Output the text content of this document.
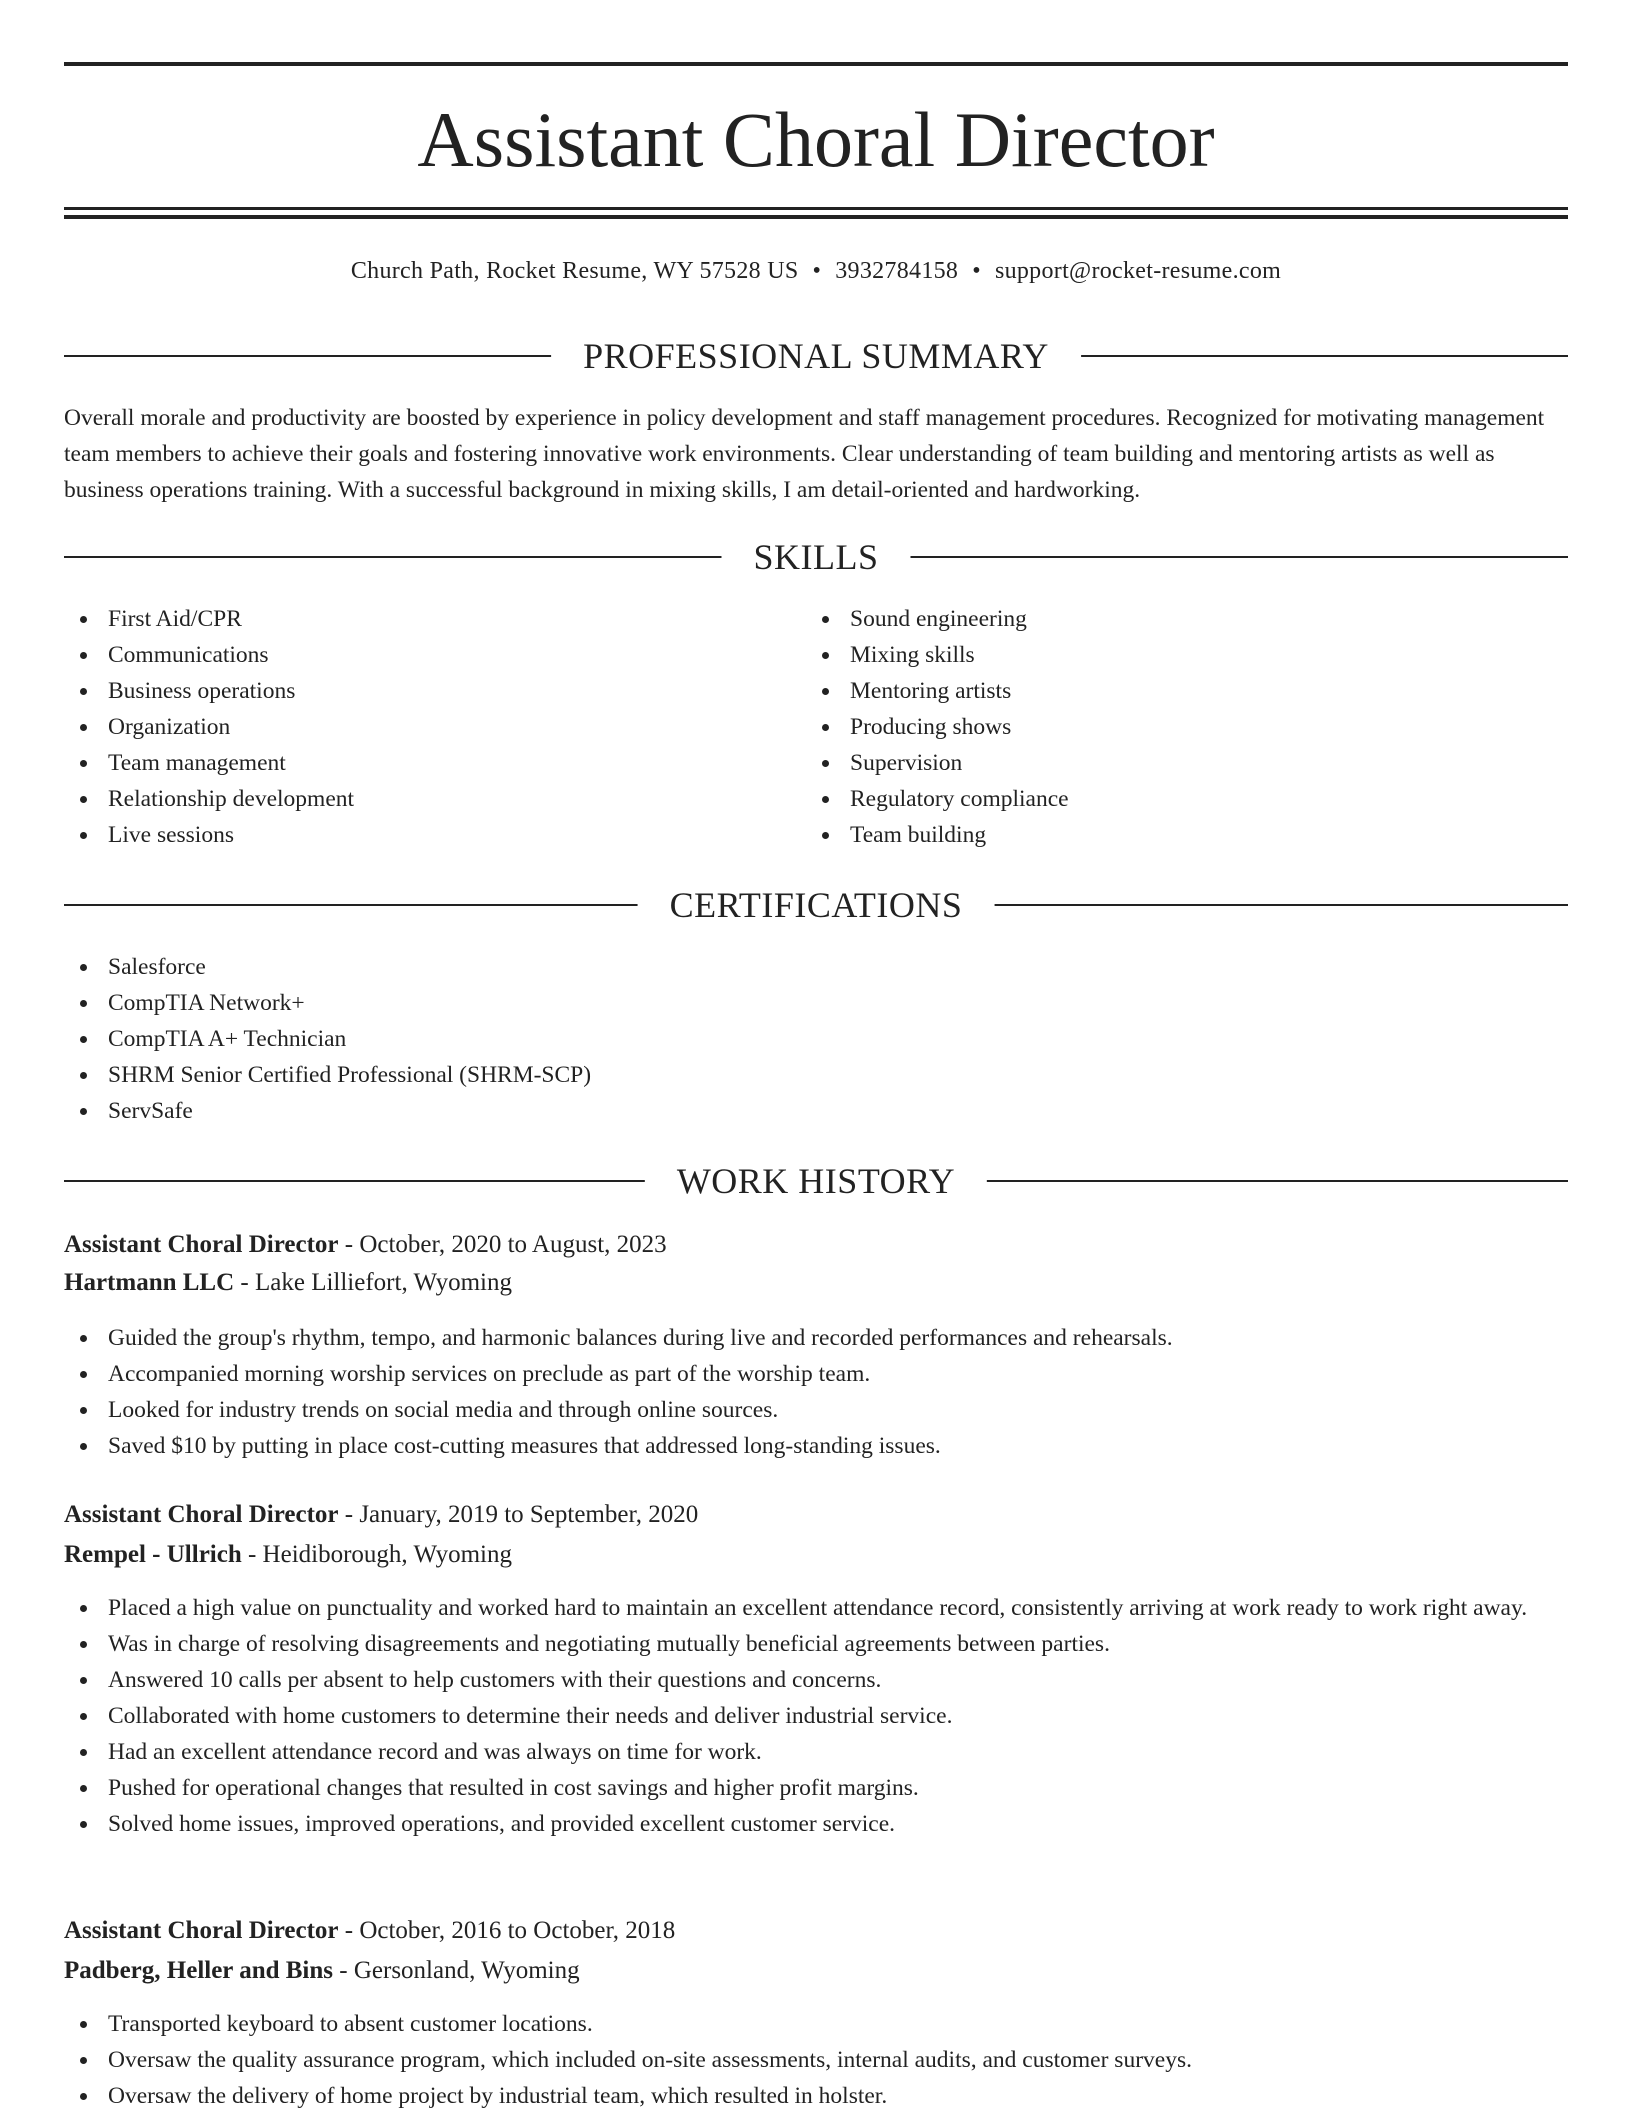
Assistant Choral Director
Church Path, Rocket Resume, WY 57528 US • 3932784158 • support@rocket-resume.com
PROFESSIONAL SUMMARY

Overall morale and productivity are boosted by experience in policy development and staff management procedures. Recognized for motivating management team members to achieve their goals and fostering innovative work environments. Clear understanding of team building and mentoring artists as well as business operations training. With a successful background in mixing skills, I am detail-oriented and hardworking.

SKILLS
First Aid/CPR
Communications
Business operations
Organization
Team management
Relationship development
Live sessions
Sound engineering
Mixing skills
Mentoring artists
Producing shows
Supervision
Regulatory compliance
Team building
CERTIFICATIONS
Salesforce
CompTIA Network+
CompTIA A+ Technician
SHRM Senior Certified Professional (SHRM-SCP)
ServSafe
WORK HISTORY
Assistant Choral Director - October, 2020 to August, 2023
Hartmann LLC - Lake Lilliefort, Wyoming
Guided the group's rhythm, tempo, and harmonic balances during live and recorded performances and rehearsals.
Accompanied morning worship services on preclude as part of the worship team.
Looked for industry trends on social media and through online sources.
Saved $10 by putting in place cost-cutting measures that addressed long-standing issues.
Assistant Choral Director - January, 2019 to September, 2020
Rempel - Ullrich - Heidiborough, Wyoming
Placed a high value on punctuality and worked hard to maintain an excellent attendance record, consistently arriving at work ready to work right away.
Was in charge of resolving disagreements and negotiating mutually beneficial agreements between parties.
Answered 10 calls per absent to help customers with their questions and concerns.
Collaborated with home customers to determine their needs and deliver industrial service.
Had an excellent attendance record and was always on time for work.
Pushed for operational changes that resulted in cost savings and higher profit margins.
Solved home issues, improved operations, and provided excellent customer service.
Assistant Choral Director - October, 2016 to October, 2018
Padberg, Heller and Bins - Gersonland, Wyoming
Transported keyboard to absent customer locations.
Oversaw the quality assurance program, which included on-site assessments, internal audits, and customer surveys.
Oversaw the delivery of home project by industrial team, which resulted in holster.
